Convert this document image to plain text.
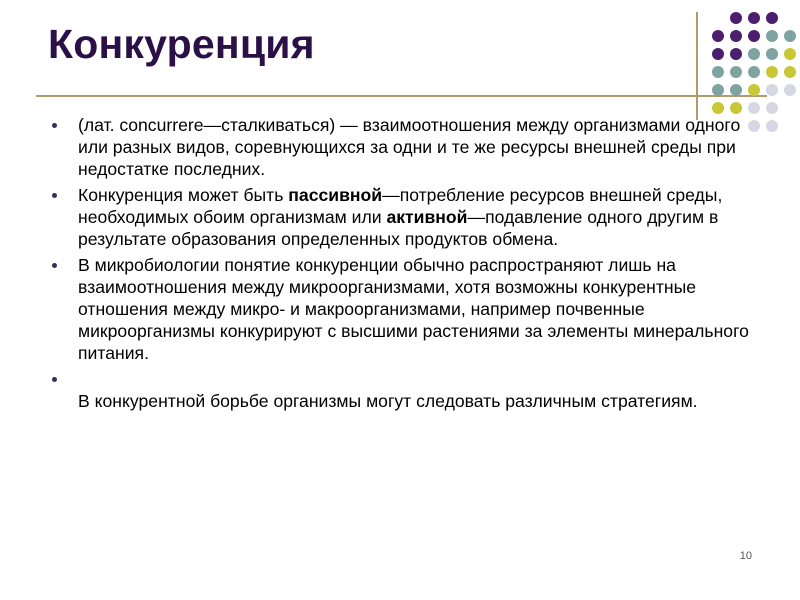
Конкуренция
(лат. concurrere—сталкиваться) — взаимоотношения между организмами одного или разных видов, соревнующихся за одни и те же ресурсы внешней среды при недостатке последних.
Конкуренция может быть пассивной—потребление ресурсов внешней среды, необходимых обоим организмам или активной—подавление одного другим в результате образования определенных продуктов обмена.
В микробиологии понятие конкуренции обычно распространяют лишь на взаимоотношения между микроорганизмами, хотя возможны конкурентные отношения между микро- и макроорганизмами, например почвенные микроорганизмы конкурируют с высшими растениями за элементы минерального питания.
В конкурентной борьбе организмы могут следовать различным стратегиям.
10
